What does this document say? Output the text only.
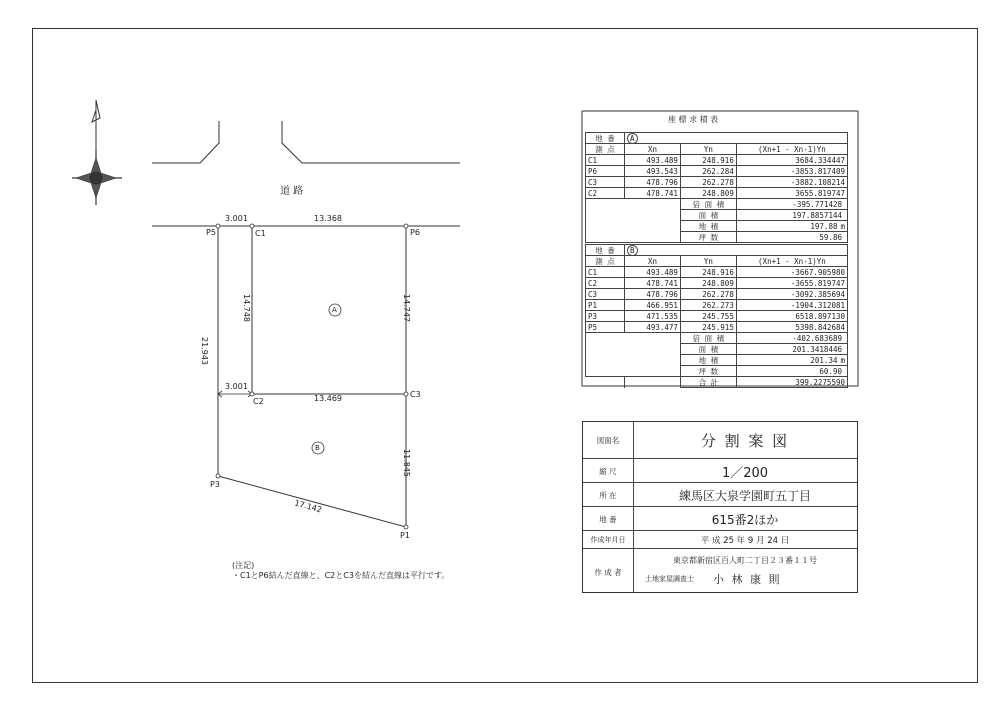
道 路
3.001	13.368
3.001
13.469
21.943
14.748	14.747
11.845
17.142
P5	C1	P6
C2
C3
P3
P1
A
B
(注記)
・C1とP6結んだ直線と、C2とC3を結んだ直線は平行です。
座 標 求 積 表
地 番	A		
測 点	Xn	Yn	(Xn+1 - Xn-1)Yn
C1	493.489	248.916	3684.334447
P6	493.543	262.284	-3853.817409
C3	478.796	262.278	-3882.108214
C2	478.741	248.809	3655.819747
		倍 面 積	-395.771428
		面 積	197.8857144
		地 積	197.88 m
		坪 数	59.86
地 番	B		
測 点	Xn	Yn	(Xn+1 - Xn-1)Yn
C1	493.489	248.916	-3667.905980
C2	478.741	248.809	-3655.819747
C3	478.796	262.278	-3092.385694
P1	466.951	262.273	-1904.312081
P3	471.535	245.755	6518.897130
P5	493.477	245.915	5398.842684
		倍 面 積	-402.683689
		面 積	201.3418446
		地 積	201.34 m
		坪 数	60.90
		合 計	399.2275590
図面名	分 割 案 図
縮 尺	1／200
所 在	練馬区大泉学園町五丁目
地 番	615番2ほか
作成年月日	平 成 25 年 9 月 24 日
作 成 者
東京都新宿区百人町二丁目２３番１１号
土地家屋調査士	小 林 康 則
